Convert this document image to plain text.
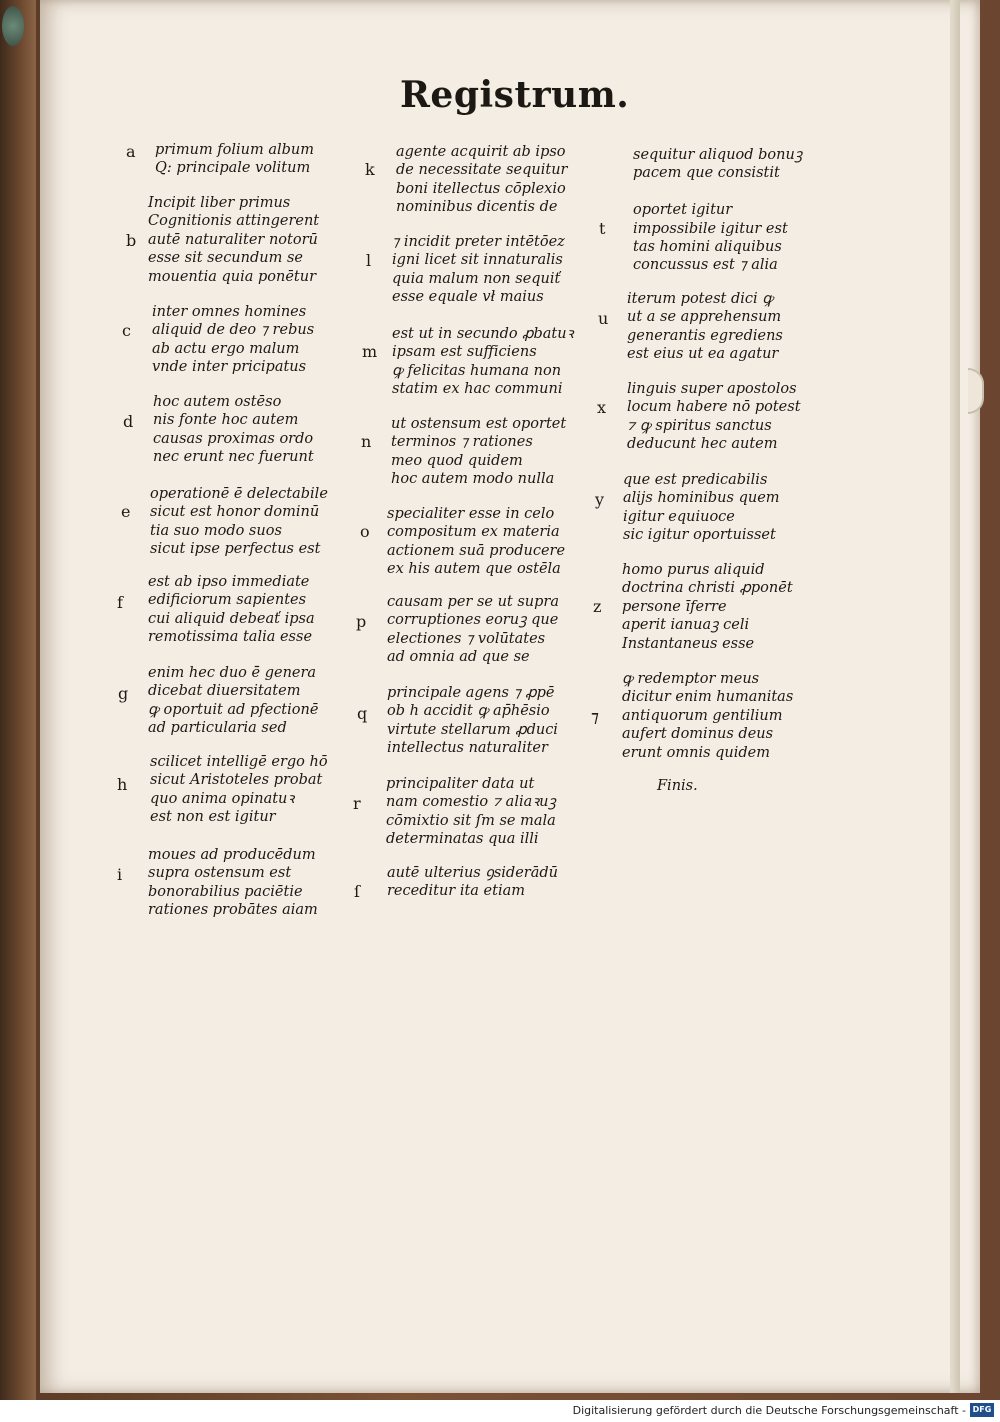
Registrum.
a primum folium album
Q: principale volitum
b
Incipit liber primus
Cognitionis attingerent
autē naturaliter notorū
esse sit secundum se
mouentia quia ponētur
c
inter omnes homines
aliquid de deo ⁊ rebus
ab actu ergo malum
vnde inter pricipatus
d
hoc autem ostēso
nis fonte hoc autem
causas proximas ordo
nec erunt nec fuerunt
e
operationē ē delectabile
sicut est honor dominū
tia suo modo suos
sicut ipse perfectus est
f
est ab ipso immediate
edificiorum sapientes
cui aliquid debeať ipsa
remotissima talia esse
g
enim hec duo ē̄ genera
dicebat diuersitatem
ꝙ oportuit ad pfectionē
ad particularia sed
h
scilicet intelligē ergo hō
sicut Aristoteles probat
quo anima opinatuꝛ
est non est igitur
i
moues ad producēdum
supra ostensum est
bonorabilius paciētie
rationes probātes aiam
k
agente acquirit ab ipso
de necessitate sequitur
boni itellectus cōplexio
nominibus dicentis de
l
⁊ incidit preter intētōez
igni licet sit innaturalis
quia malum non sequiť
esse equale vł maius
m
est ut in secundo ꝓbatuꝛ
ipsam est sufficiens
ꝙ felicitas humana non
statim ex hac communi
n
ut ostensum est oportet
terminos ⁊ rationes
meo quod quidem
hoc autem modo nulla
o
specialiter esse in celo
compositum ex materia
actionem suā producere
ex his autem que ostēla
p
causam per se ut supra
corruptiones eoruꝫ que
electiones ⁊ volūtates
ad omnia ad que se
q
principale agens ⁊ ꝓpē
ob h accidit ꝙ ap̄hēsio
virtute stellarum ꝓduci
intellectus naturaliter
r
principaliter data ut
nam comestio ⁊ aliaꝛuꝫ
cōmixtio sit ſm se mala
determinatas qua illi
ſ
autē ulterius ꝯsiderādū
receditur ita etiam
t
sequitur aliquod bonuꝫ
pacem que consistit
oportet igitur
impossibile igitur est
tas homini aliquibus
concussus est ⁊ alia
u
iterum potest dici ꝙ
ut a se apprehensum
generantis egrediens
est eius ut ea agatur
x
linguis super apostolos
locum habere nō potest
⁊ ꝙ spiritus sanctus
deducunt hec autem
y
que est predicabilis
alijs hominibus quem
igitur equiuoce
sic igitur oportuisset
z
homo purus aliquid
doctrina christi ꝓponēt
persone īferre
aperit ianuaꝫ celi
Instantaneus esse
⁊
ꝙ redemptor meus
dicitur enim humanitas
antiquorum gentilium
aufert dominus deus
erunt omnis quidem
Finis.
Digitalisierung gefördert durch die Deutsche Forschungsgemeinschaft - DFG
